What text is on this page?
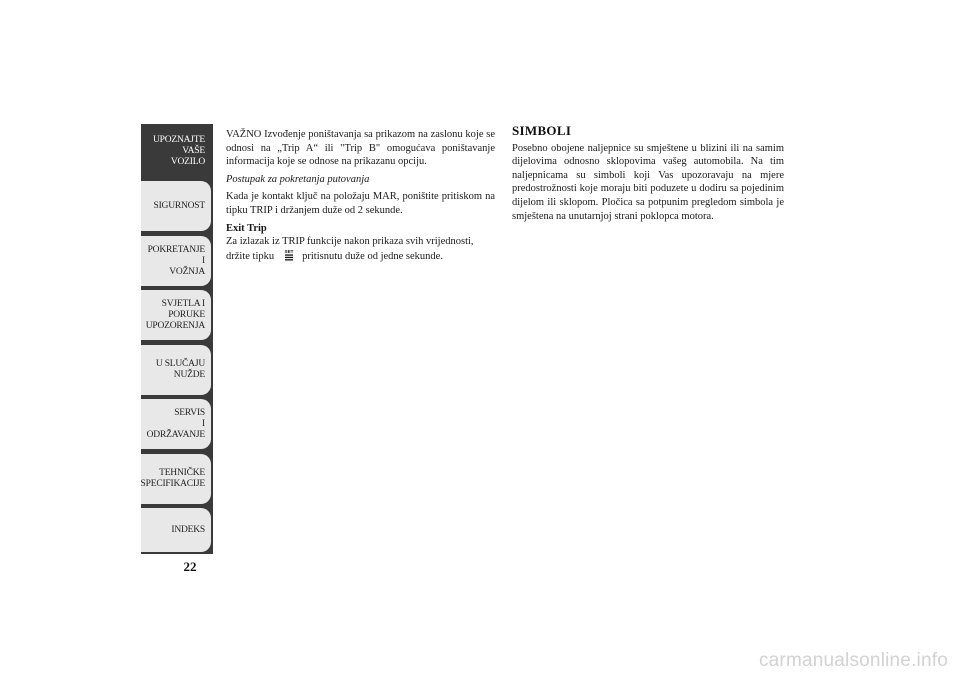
UPOZNAJTE
VAŠE
VOZILO
SIGURNOST
POKRETANJE
I
VOŽNJA
SVJETLA I
PORUKE
UPOZORENJA
U SLUČAJU
NUŽDE
SERVIS
I
ODRŽAVANJE
TEHNIČKE
SPECIFIKACIJE
INDEKS
22

VAŽNO Izvođenje poništavanja sa prikazom na zaslonu koje se odnosi na „Trip A“ ili "Trip B" omogućava poništavanje informacija koje se odnose na prikazanu opciju.

Postupak za pokretanja putovanja

Kada je kontakt ključ na položaju MAR, poništite pritiskom na tipku TRIP i držanjem duže od 2 sekunde.

Exit Trip

Za izlazak iz TRIP funkcije nakon prikaza svih vrijednosti, držite tipku SET pritisnutu duže od jedne sekunde.

SIMBOLI

Posebno obojene naljepnice su smještene u blizini ili na samim dijelovima odnosno sklopovima vašeg automobila. Na tim naljepnicama su simboli koji Vas upozoravaju na mjere predostrožnosti koje moraju biti poduzete u dodiru sa pojedinim dijelom ili sklopom. Pločica sa potpunim pregledom simbola je smještena na unutarnjoj strani poklopca motora.

carmanualsonline.info
